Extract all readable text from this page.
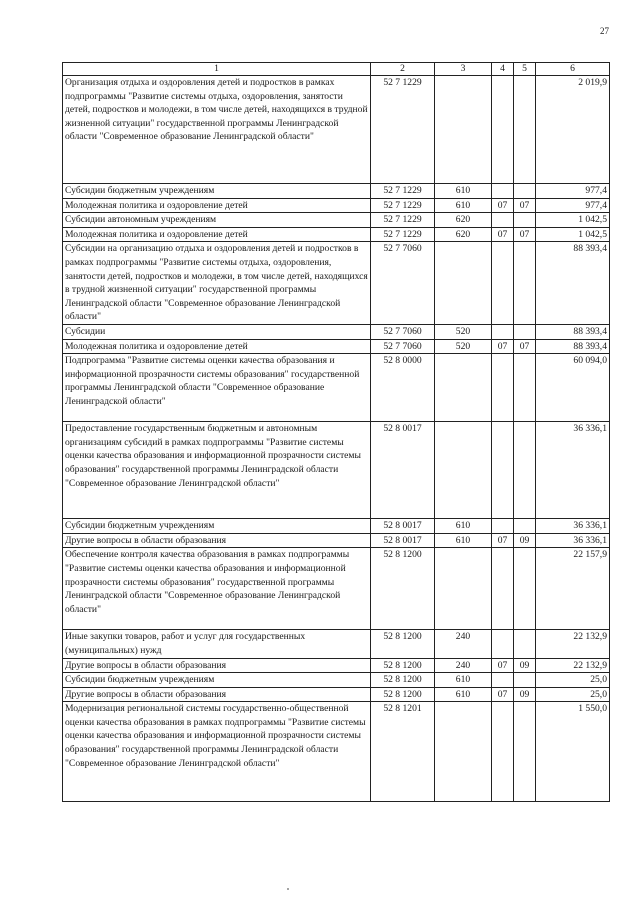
27
1	2	3	4	5	6
Организация отдыха и оздоровления детей и подростков в рамках подпрограммы "Развитие системы отдыха, оздоровления, занятости детей, подростков и молодежи, в том числе детей, находящихся в трудной жизненной ситуации" государственной программы Ленинградской области "Современное образование Ленинградской области"	52 7 1229				2 019,9
Субсидии бюджетным учреждениям	52 7 1229	610			977,4
Молодежная политика и оздоровление детей	52 7 1229	610	07	07	977,4
Субсидии автономным учреждениям	52 7 1229	620			1 042,5
Молодежная политика и оздоровление детей	52 7 1229	620	07	07	1 042,5
Субсидии на организацию отдыха и оздоровления детей и подростков в рамках подпрограммы "Развитие системы отдыха, оздоровления, занятости детей, подростков и молодежи, в том числе детей, находящихся в трудной жизненной ситуации" государственной программы Ленинградской области "Современное образование Ленинградской области"	52 7 7060				88 393,4
Субсидии	52 7 7060	520			88 393,4
Молодежная политика и оздоровление детей	52 7 7060	520	07	07	88 393,4
Подпрограмма "Развитие системы оценки качества образования и информационной прозрачности системы образования" государственной программы Ленинградской области "Современное образование Ленинградской области"	52 8 0000				60 094,0
Предоставление государственным бюджетным и автономным организациям субсидий в рамках подпрограммы "Развитие системы оценки качества образования и информационной прозрачности системы образования" государственной программы Ленинградской области "Современное образование Ленинградской области"	52 8 0017				36 336,1
Субсидии бюджетным учреждениям	52 8 0017	610			36 336,1
Другие вопросы в области образования	52 8 0017	610	07	09	36 336,1
Обеспечение контроля качества образования в рамках подпрограммы "Развитие системы оценки качества образования и информационной прозрачности системы образования" государственной программы Ленинградской области "Современное образование Ленинградской области"	52 8 1200				22 157,9
Иные закупки товаров, работ и услуг для государственных (муниципальных) нужд	52 8 1200	240			22 132,9
Другие вопросы в области образования	52 8 1200	240	07	09	22 132,9
Субсидии бюджетным учреждениям	52 8 1200	610			25,0
Другие вопросы в области образования	52 8 1200	610	07	09	25,0
Модернизация региональной системы государственно-общественной оценки качества образования в рамках подпрограммы "Развитие системы оценки качества образования и информационной прозрачности системы образования" государственной программы Ленинградской области "Современное образование Ленинградской области"	52 8 1201				1 550,0
